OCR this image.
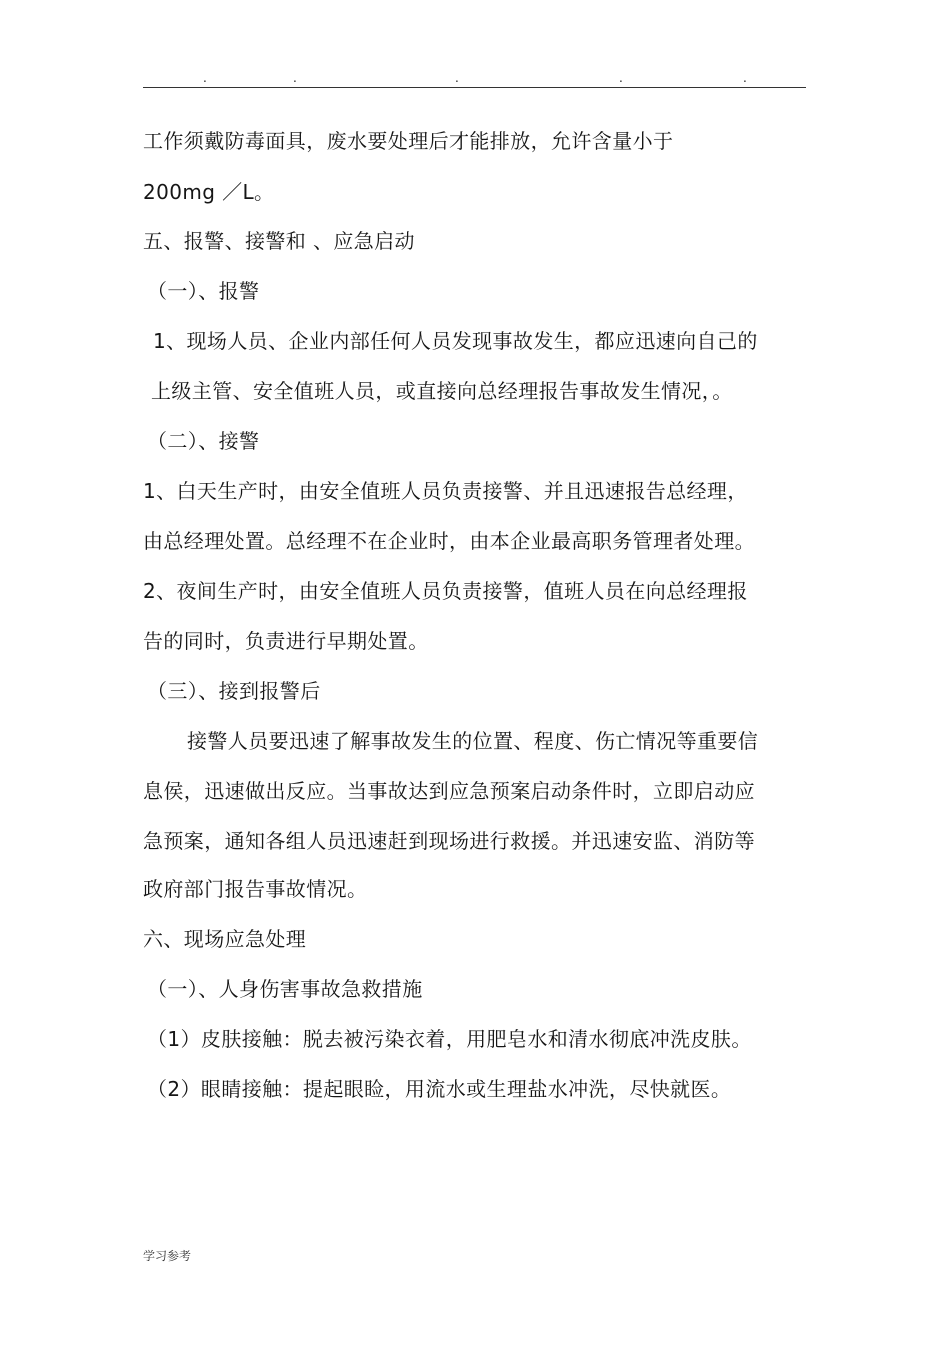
.	.	.	.	.
工作须戴防毒面具，废水要处理后才能排放，允许含量小于
200mg ／L。
五、报警、接警和 、应急启动
（一）、报警
1、现场人员、企业内部任何人员发现事故发生，都应迅速向自己的
上级主管、安全值班人员，或直接向总经理报告事故发生情况，。
（二）、接警
1、白天生产时，由安全值班人员负责接警、并且迅速报告总经理，
由总经理处置。总经理不在企业时，由本企业最高职务管理者处理。
2、夜间生产时，由安全值班人员负责接警，值班人员在向总经理报
告的同时，负责进行早期处置。
（三）、接到报警后
接警人员要迅速了解事故发生的位置、程度、伤亡情况等重要信
息侯，迅速做出反应。当事故达到应急预案启动条件时，立即启动应
急预案，通知各组人员迅速赶到现场进行救援。并迅速安监、消防等
政府部门报告事故情况。
六、现场应急处理
（一）、人身伤害事故急救措施
（1）皮肤接触：脱去被污染衣着，用肥皂水和清水彻底冲洗皮肤。
（2）眼睛接触：提起眼睑，用流水或生理盐水冲洗，尽快就医。
学习参考
